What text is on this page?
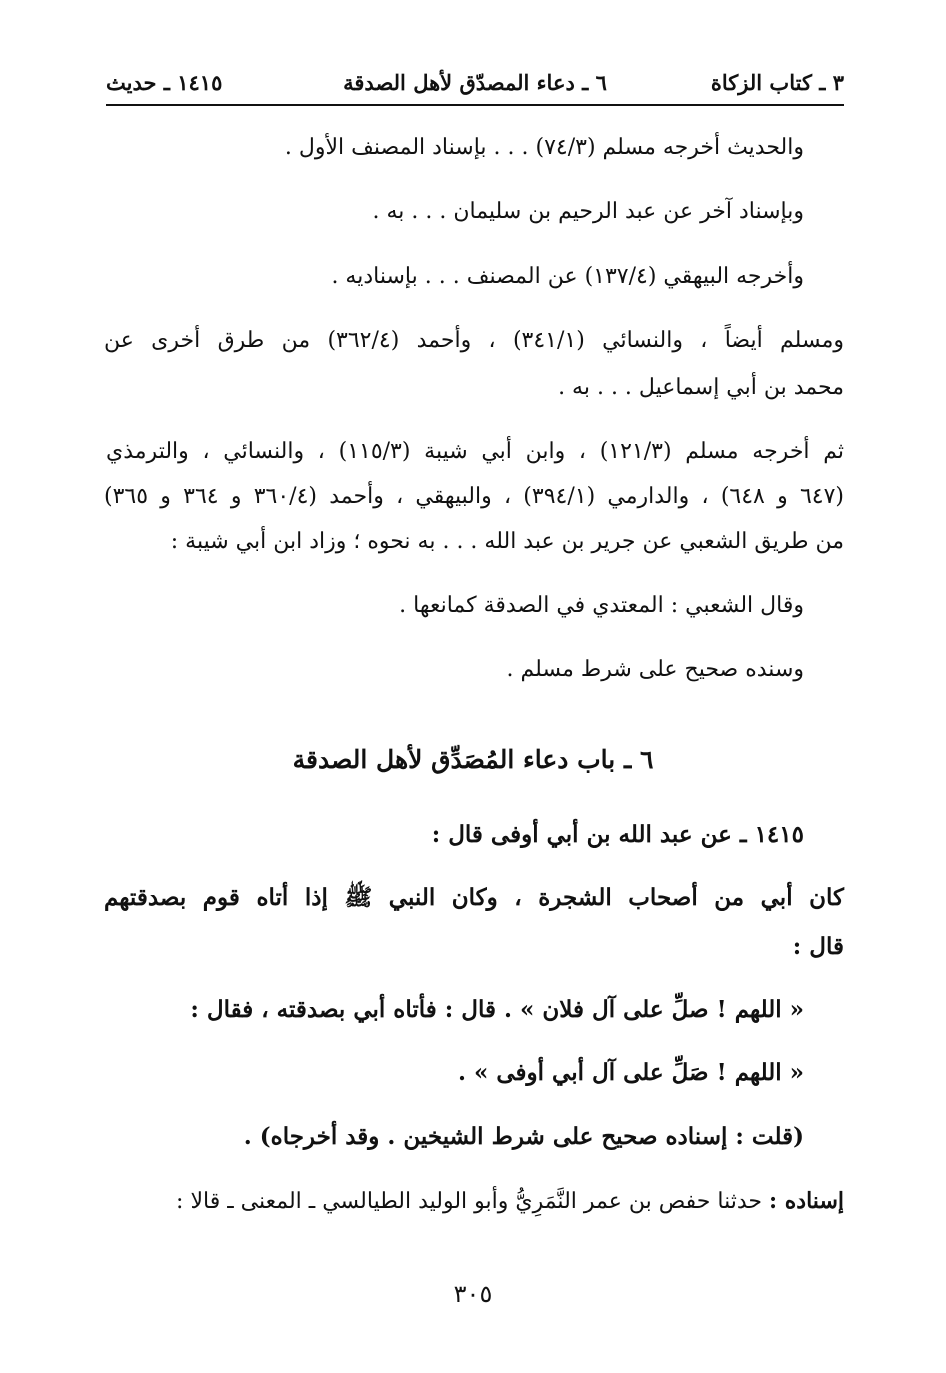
٣ ـ كتاب الزكاة
٦ ـ دعاء المصدّق لأهل الصدقة
١٤١٥ ـ حديث
والحديث أخرجه مسلم (٧٤/٣) . . . بإسناد المصنف الأول .
وبإسناد آخر عن عبد الرحيم بن سليمان . . . به .
وأخرجه البيهقي (١٣٧/٤) عن المصنف . . . بإسناديه .
ومسلم أيضاً ، والنسائي (٣٤١/١) ، وأحمد (٣٦٢/٤) من طرق أخرى عن
محمد بن أبي إسماعيل . . . به .
ثم أخرجه مسلم (١٢١/٣) ، وابن أبي شيبة (١١٥/٣) ، والنسائي ، والترمذي
(٦٤٧ و ٦٤٨) ، والدارمي (٣٩٤/١) ، والبيهقي ، وأحمد (٣٦٠/٤ و ٣٦٤ و ٣٦٥)
من طريق الشعبي عن جرير بن عبد الله . . . به نحوه ؛ وزاد ابن أبي شيبة :
وقال الشعبي : المعتدي في الصدقة كمانعها .
وسنده صحيح على شرط مسلم .
٦ ـ باب دعاء المُصَدِّق لأهل الصدقة
١٤١٥ ـ عن عبد الله بن أبي أوفى قال :
كان أبي من أصحاب الشجرة ، وكان النبي ﷺ إذا أتاه قوم بصدقتهم
قال :
« اللهم ! صلِّ على آل فلان » . قال : فأتاه أبي بصدقته ، فقال :
« اللهم ! صَلِّ على آل أبي أوفى » .
(قلت : إسناده صحيح على شرط الشيخين . وقد أخرجاه) .
إسناده : حدثنا حفص بن عمر النَّمَرِيُّ وأبو الوليد الطيالسي ـ المعنى ـ قالا :
٣٠٥
